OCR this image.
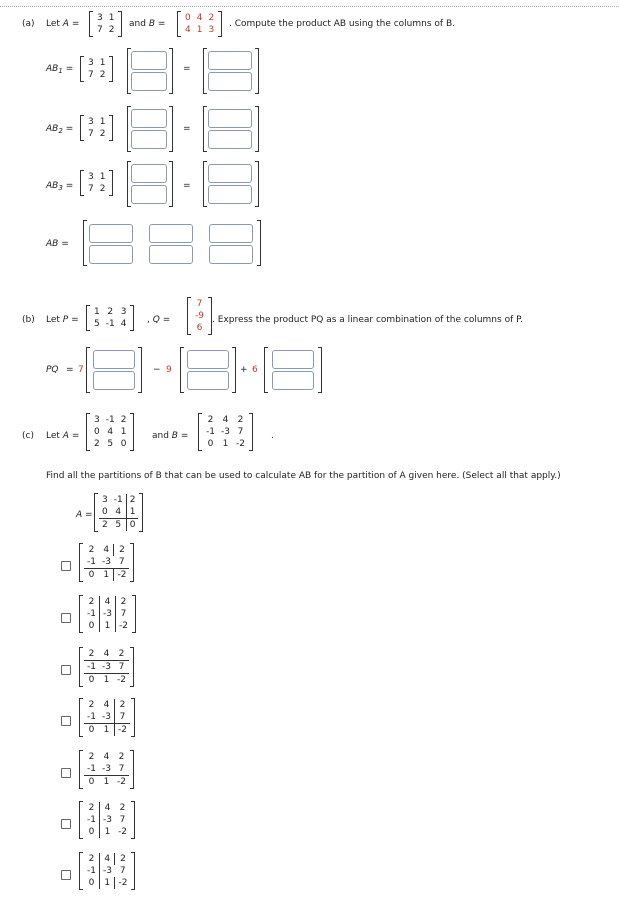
(a) Let A =
3	1
7	2
and B =
0	4	2
4	1	3
. Compute the product AB using the columns of B.
$AB_1$ =
3	1
7	2
=
$AB_2$ =
3	1
7	2	=
$AB_3$ =
3	1
7	2	=
AB =
(b) Let P =
1	2	3
5	-1	4 , Q =
7
-9
6
. Express the product PQ as a linear combination of the columns of P.
PQ = 7	− 9	+ 6
(c) Let A =
3	-1	2
0	4	1
2	5	0
and B =
2	4	2
-1	-3	7
0	1	-2
.
Find all the partitions of B that can be used to calculate AB for the partition of A given here. (Select all that apply.)
A =
3	-1	2
0	4	1
2	5	0
2	4	2
-1	-3	7
0	1	-2
2	4	2
-1	-3	7
0	1	-2
2	4	2
-1	-3	7
0	1	-2
2	4	2
-1	-3	7
0	1	-2
2	4	2
-1	-3	7
0	1	-2
2	4	2
-1	-3	7
0	1	-2
2	4	2
-1	-3	7
0	1	-2
